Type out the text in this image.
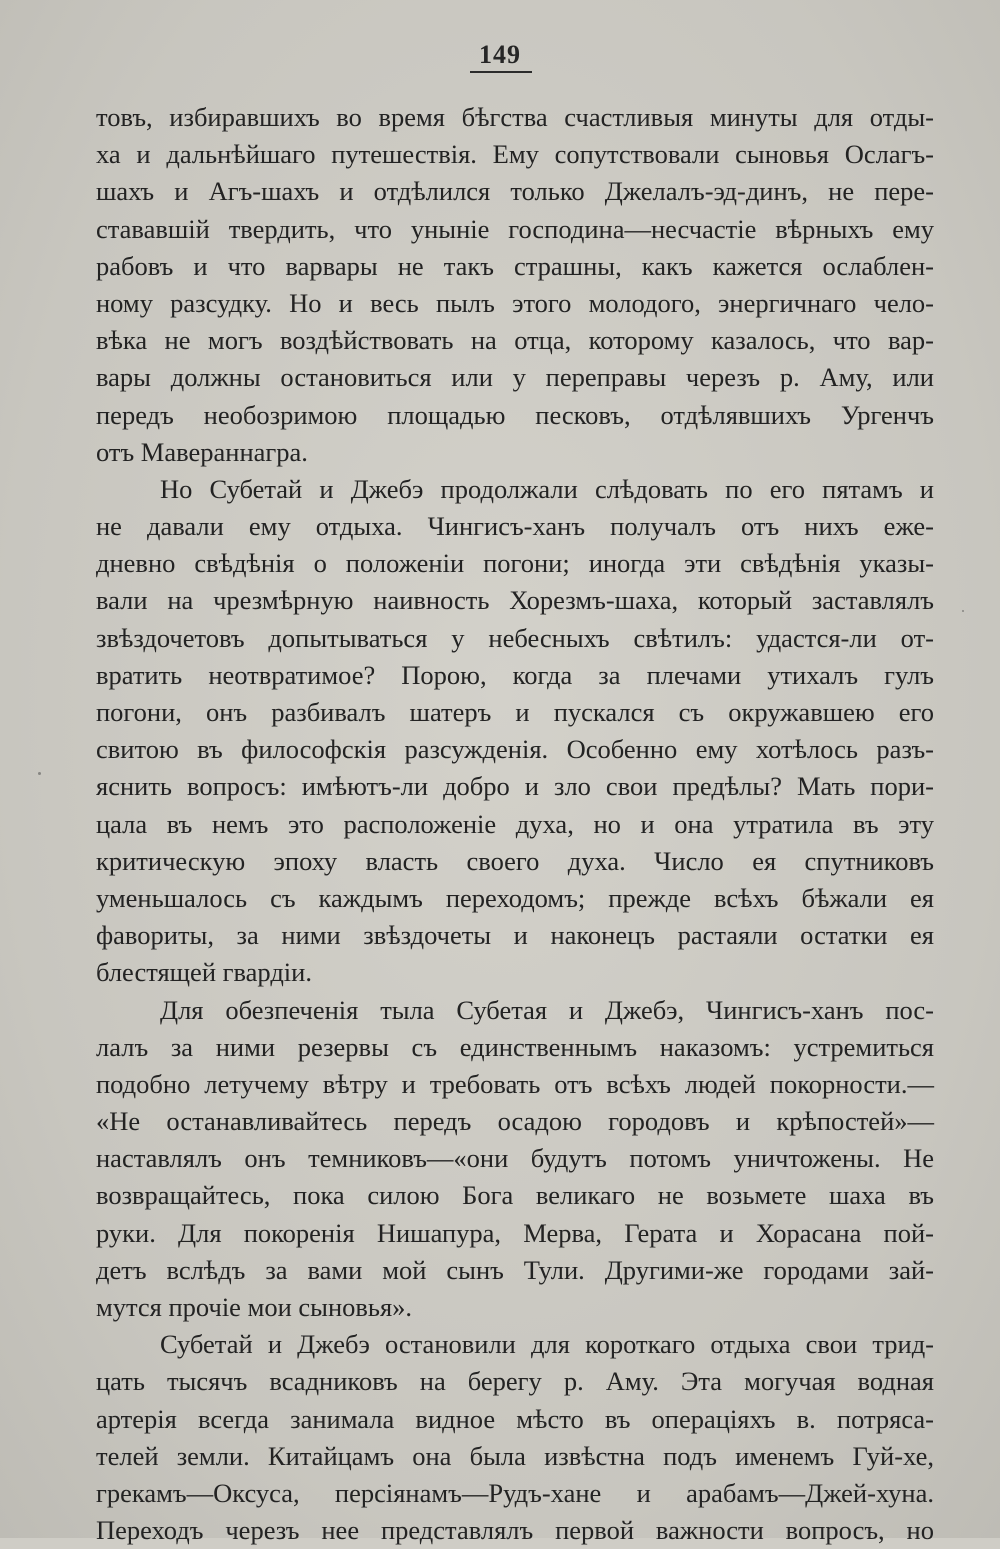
149
товъ, избиравшихъ во время бѣгства счастливыя минуты для отды-
ха и дальнѣйшаго путешествія. Ему сопутствовали сыновья Ослагъ-
шахъ и Агъ-шахъ и отдѣлился только Джелалъ-эд-динъ, не пере-
стававшій твердить, что уныніе господина—несчастіе вѣрныхъ ему
рабовъ и что варвары не такъ страшны, какъ кажется ослаблен-
ному разсудку. Но и весь пылъ этого молодого, энергичнаго чело-
вѣка не могъ воздѣйствовать на отца, которому казалось, что вар-
вары должны остановиться или у переправы черезъ р. Аму, или
передъ необозримою площадью песковъ, отдѣлявшихъ Ургенчъ
отъ Мавераннагра.
Но Субетай и Джебэ продолжали слѣдовать по его пятамъ и
не давали ему отдыха. Чингисъ-ханъ получалъ отъ нихъ еже-
дневно свѣдѣнія о положеніи погони; иногда эти свѣдѣнія указы-
вали на чрезмѣрную наивность Хорезмъ-шаха, который заставлялъ
звѣздочетовъ допытываться у небесныхъ свѣтилъ: удастся-ли от-
вратить неотвратимое? Порою, когда за плечами утихалъ гулъ
погони, онъ разбивалъ шатеръ и пускался съ окружавшею его
свитою въ философскія разсужденія. Особенно ему хотѣлось разъ-
яснить вопросъ: имѣютъ-ли добро и зло свои предѣлы? Мать пори-
цала въ немъ это расположеніе духа, но и она утратила въ эту
критическую эпоху власть своего духа. Число ея спутниковъ
уменьшалось съ каждымъ переходомъ; прежде всѣхъ бѣжали ея
фавориты, за ними звѣздочеты и наконецъ растаяли остатки ея
блестящей гвардіи.
Для обезпеченія тыла Субетая и Джебэ, Чингисъ-ханъ пос-
лалъ за ними резервы съ единственнымъ наказомъ: устремиться
подобно летучему вѣтру и требовать отъ всѣхъ людей покорности.—
«Не останавливайтесь передъ осадою городовъ и крѣпостей»—
наставлялъ онъ темниковъ—«они будутъ потомъ уничтожены. Не
возвращайтесь, пока силою Бога великаго не возьмете шаха въ
руки. Для покоренія Нишапура, Мерва, Герата и Хорасана пой-
детъ вслѣдъ за вами мой сынъ Тули. Другими-же городами зай-
мутся прочіе мои сыновья».
Субетай и Джебэ остановили для короткаго отдыха свои трид-
цать тысячъ всадниковъ на берегу р. Аму. Эта могучая водная
артерія всегда занимала видное мѣсто въ операціяхъ в. потряса-
телей земли. Китайцамъ она была извѣстна подъ именемъ Гуй-хе,
грекамъ—Оксуса, персіянамъ—Рудъ-хане и арабамъ—Джей-хуна.
Переходъ черезъ нее представлялъ первой важности вопросъ, но
